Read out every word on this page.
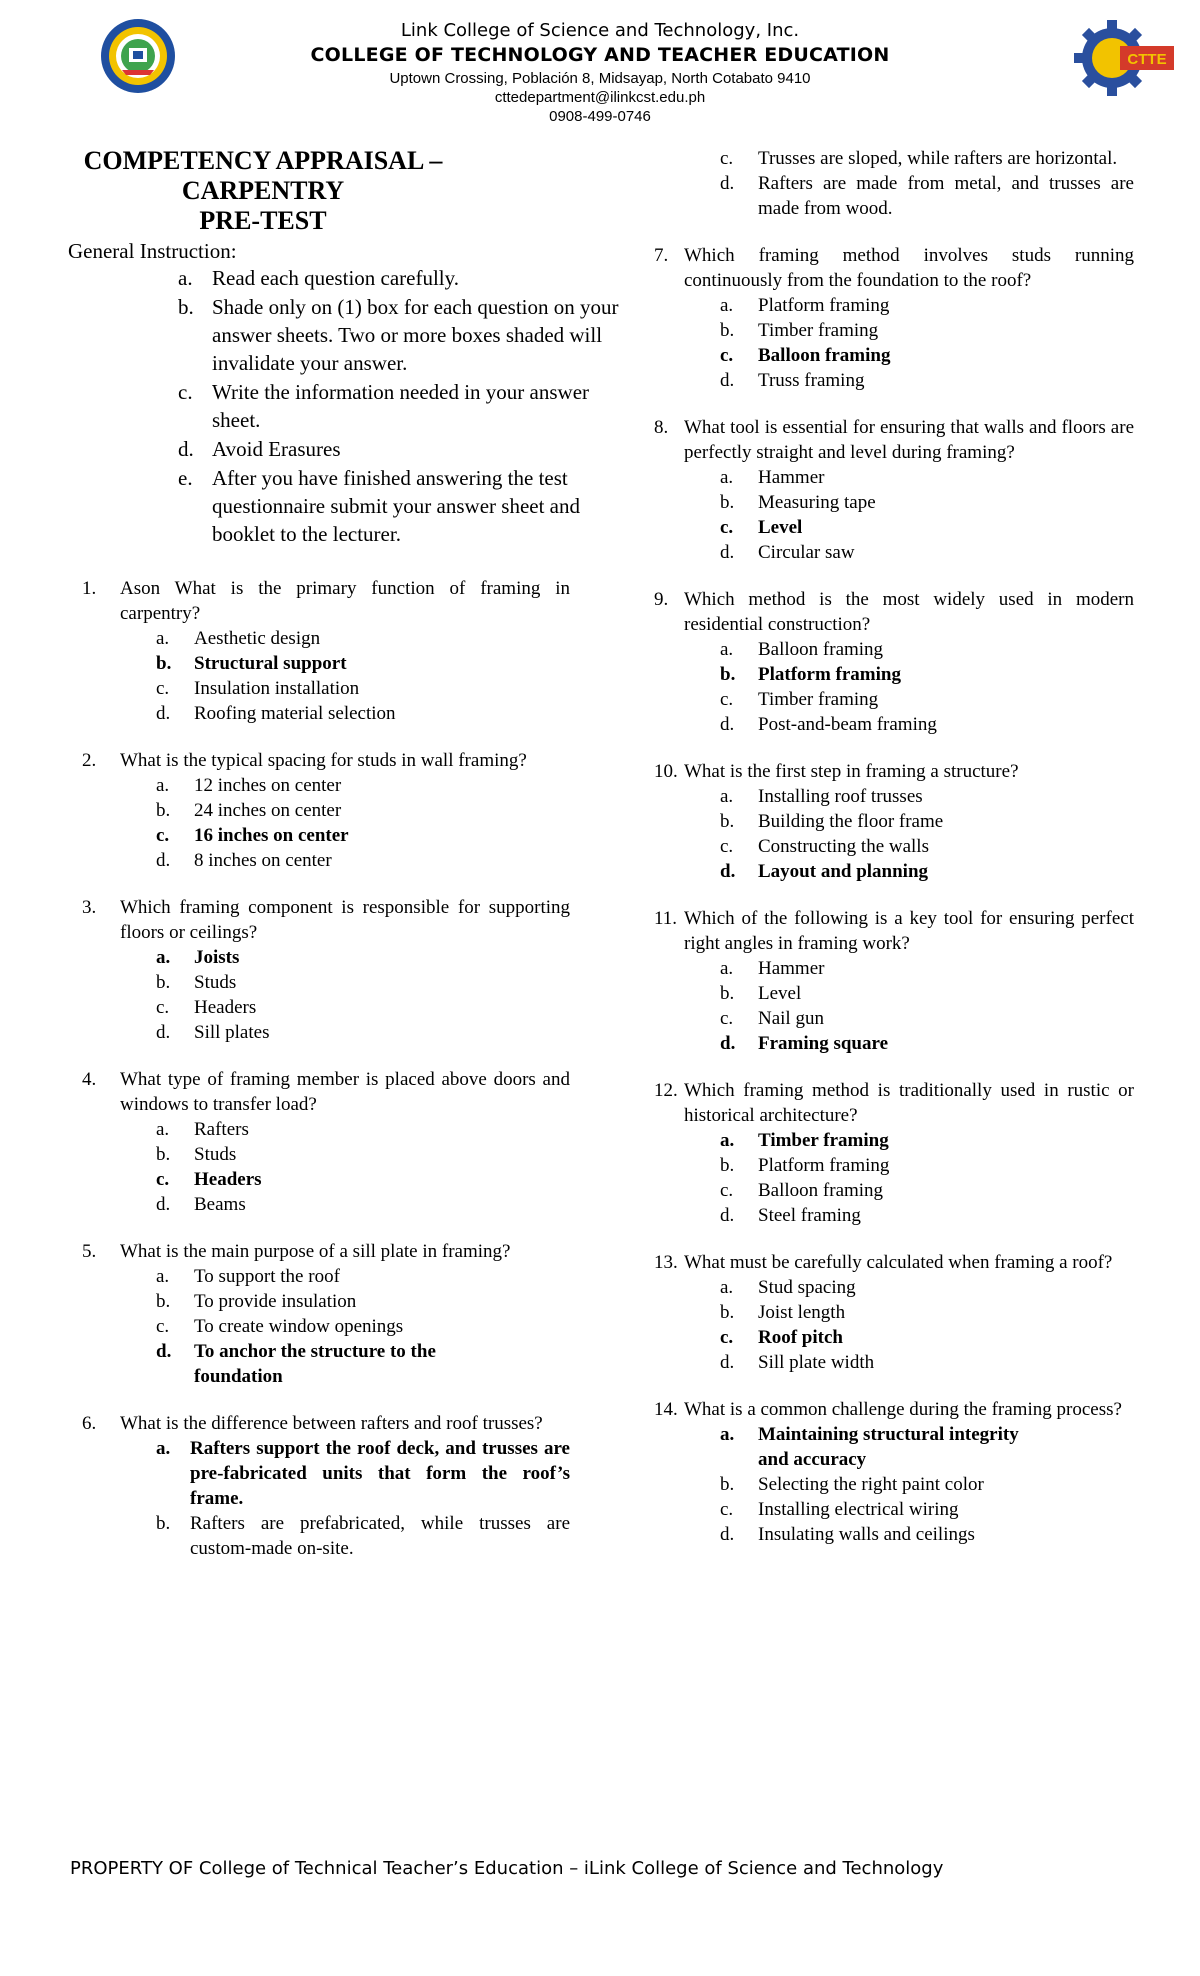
CTTE
Link College of Science and Technology, Inc.
COLLEGE OF TECHNOLOGY AND TEACHER EDUCATION
Uptown Crossing, Población 8, Midsayap, North Cotabato 9410
cttedepartment@ilinkcst.edu.ph
0908-499-0746
COMPETENCY APPRAISAL –
CARPENTRY
PRE-TEST
General Instruction:
a. Read each question carefully.
b. Shade only on (1) box for each question on your answer sheets. Two or more boxes shaded will invalidate your answer.
c. Write the information needed in your answer sheet.
d. Avoid Erasures
e. After you have finished answering the test questionnaire submit your answer sheet and booklet to the lecturer.
1. Ason What is the primary function of framing in carpentry?
a. Aesthetic design
b. Structural support
c. Insulation installation
d. Roofing material selection
2. What is the typical spacing for studs in wall framing?
a. 12 inches on center
b. 24 inches on center
c. 16 inches on center
d. 8 inches on center
3. Which framing component is responsible for supporting floors or ceilings?
a. Joists
b. Studs
c. Headers
d. Sill plates
4. What type of framing member is placed above doors and windows to transfer load?
a. Rafters
b. Studs
c. Headers
d. Beams
5. What is the main purpose of a sill plate in framing?
a. To support the roof
b. To provide insulation
c. To create window openings
d. To anchor the structure to the foundation
6. What is the difference between rafters and roof trusses?
a. Rafters support the roof deck, and trusses are pre-fabricated units that form the roof’s frame.
b. Rafters are prefabricated, while trusses are custom-made on-site.
c. Trusses are sloped, while rafters are horizontal.
d. Rafters are made from metal, and trusses are made from wood.
7. Which framing method involves studs running continuously from the foundation to the roof?
a. Platform framing
b. Timber framing
c. Balloon framing
d. Truss framing
8. What tool is essential for ensuring that walls and floors are perfectly straight and level during framing?
a. Hammer
b. Measuring tape
c. Level
d. Circular saw
9. Which method is the most widely used in modern residential construction?
a. Balloon framing
b. Platform framing
c. Timber framing
d. Post-and-beam framing
10. What is the first step in framing a structure?
a. Installing roof trusses
b. Building the floor frame
c. Constructing the walls
d. Layout and planning
11. Which of the following is a key tool for ensuring perfect right angles in framing work?
a. Hammer
b. Level
c. Nail gun
d. Framing square
12. Which framing method is traditionally used in rustic or historical architecture?
a. Timber framing
b. Platform framing
c. Balloon framing
d. Steel framing
13. What must be carefully calculated when framing a roof?
a. Stud spacing
b. Joist length
c. Roof pitch
d. Sill plate width
14. What is a common challenge during the framing process?
a. Maintaining structural integrity and accuracy
b. Selecting the right paint color
c. Installing electrical wiring
d. Insulating walls and ceilings
PROPERTY OF College of Technical Teacher’s Education – iLink College of Science and Technology
